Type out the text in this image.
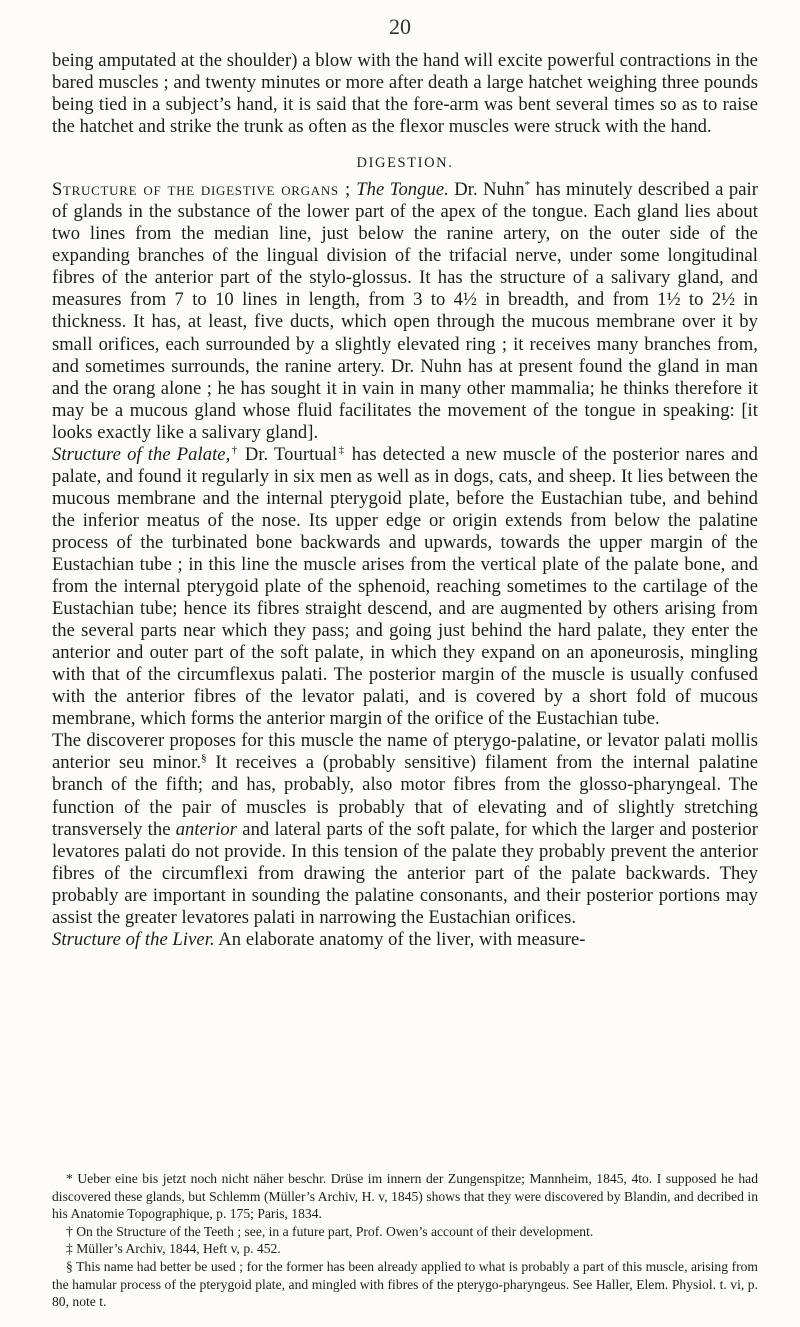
20

being amputated at the shoulder) a blow with the hand will excite powerful contractions in the bared muscles ; and twenty minutes or more after death a large hatchet weighing three pounds being tied in a subject’s hand, it is said that the fore-arm was bent several times so as to raise the hatchet and strike the trunk as often as the flexor muscles were struck with the hand.

DIGESTION.

Structure of the digestive organs ; The Tongue. Dr. Nuhn* has minutely described a pair of glands in the substance of the lower part of the apex of the tongue. Each gland lies about two lines from the median line, just below the ranine artery, on the outer side of the expanding branches of the lingual division of the trifacial nerve, under some longitudinal fibres of the anterior part of the stylo-glossus. It has the structure of a salivary gland, and measures from 7 to 10 lines in length, from 3 to 4½ in breadth, and from 1½ to 2½ in thickness. It has, at least, five ducts, which open through the mucous membrane over it by small orifices, each surrounded by a slightly elevated ring ; it receives many branches from, and sometimes surrounds, the ranine artery. Dr. Nuhn has at present found the gland in man and the orang alone ; he has sought it in vain in many other mammalia; he thinks therefore it may be a mucous gland whose fluid facilitates the movement of the tongue in speaking: [it looks exactly like a salivary gland].

Structure of the Palate,† Dr. Tourtual‡ has detected a new muscle of the posterior nares and palate, and found it regularly in six men as well as in dogs, cats, and sheep. It lies between the mucous membrane and the internal pterygoid plate, before the Eustachian tube, and behind the inferior meatus of the nose. Its upper edge or origin extends from below the palatine process of the turbinated bone backwards and upwards, towards the upper margin of the Eustachian tube ; in this line the muscle arises from the vertical plate of the palate bone, and from the internal pterygoid plate of the sphenoid, reaching sometimes to the cartilage of the Eustachian tube; hence its fibres straight descend, and are augmented by others arising from the several parts near which they pass; and going just behind the hard palate, they enter the anterior and outer part of the soft palate, in which they expand on an aponeurosis, mingling with that of the circumflexus palati. The posterior margin of the muscle is usually confused with the anterior fibres of the levator palati, and is covered by a short fold of mucous membrane, which forms the anterior margin of the orifice of the Eustachian tube.

The discoverer proposes for this muscle the name of pterygo-palatine, or levator palati mollis anterior seu minor.§ It receives a (probably sensitive) filament from the internal palatine branch of the fifth; and has, probably, also motor fibres from the glosso-pharyngeal. The function of the pair of muscles is probably that of elevating and of slightly stretching transversely the anterior and lateral parts of the soft palate, for which the larger and posterior levatores palati do not provide. In this tension of the palate they probably prevent the anterior fibres of the circumflexi from drawing the anterior part of the palate backwards. They probably are important in sounding the palatine consonants, and their posterior portions may assist the greater levatores palati in narrowing the Eustachian orifices.

Structure of the Liver. An elaborate anatomy of the liver, with measure-

* Ueber eine bis jetzt noch nicht näher beschr. Drüse im innern der Zungenspitze; Mannheim, 1845, 4to. I supposed he had discovered these glands, but Schlemm (Müller’s Archiv, H. v, 1845) shows that they were discovered by Blandin, and decribed in his Anatomie Topographique, p. 175; Paris, 1834.

† On the Structure of the Teeth ; see, in a future part, Prof. Owen’s account of their development.

‡ Müller’s Archiv, 1844, Heft v, p. 452.

§ This name had better be used ; for the former has been already applied to what is probably a part of this muscle, arising from the hamular process of the pterygoid plate, and mingled with fibres of the pterygo-pharyngeus. See Haller, Elem. Physiol. t. vi, p. 80, note t.
